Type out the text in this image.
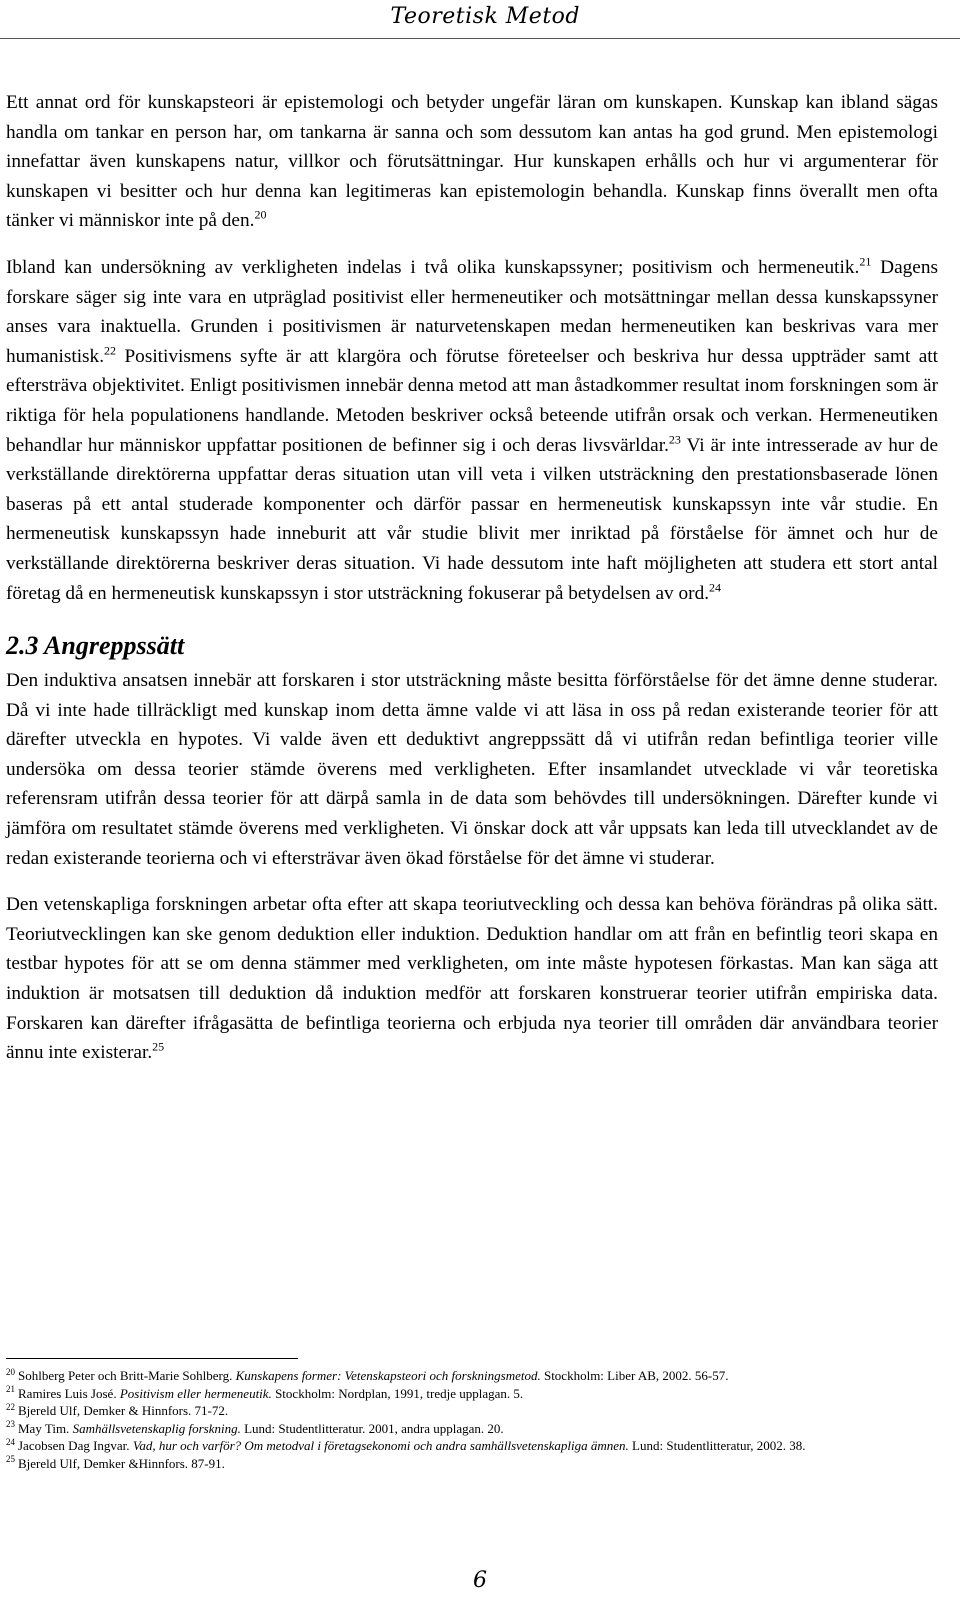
Teoretisk Metod

Ett annat ord för kunskapsteori är epistemologi och betyder ungefär läran om kunskapen. Kunskap kan ibland sägas handla om tankar en person har, om tankarna är sanna och som dessutom kan antas ha god grund. Men epistemologi innefattar även kunskapens natur, villkor och förutsättningar. Hur kunskapen erhålls och hur vi argumenterar för kunskapen vi besitter och hur denna kan legitimeras kan epistemologin behandla. Kunskap finns överallt men ofta tänker vi människor inte på den.$^{20}$

Ibland kan undersökning av verkligheten indelas i två olika kunskapssyner; positivism och hermeneutik.$^{21}$ Dagens forskare säger sig inte vara en utpräglad positivist eller hermeneutiker och motsättningar mellan dessa kunskapssyner anses vara inaktuella. Grunden i positivismen är naturvetenskapen medan hermeneutiken kan beskrivas vara mer humanistisk.$^{22}$ Positivismens syfte är att klargöra och förutse företeelser och beskriva hur dessa uppträder samt att eftersträva objektivitet. Enligt positivismen innebär denna metod att man åstadkommer resultat inom forskningen som är riktiga för hela populationens handlande. Metoden beskriver också beteende utifrån orsak och verkan. Hermeneutiken behandlar hur människor uppfattar positionen de befinner sig i och deras livsvärldar.$^{23}$ Vi är inte intresserade av hur de verkställande direktörerna uppfattar deras situation utan vill veta i vilken utsträckning den prestationsbaserade lönen baseras på ett antal studerade komponenter och därför passar en hermeneutisk kunskapssyn inte vår studie. En hermeneutisk kunskapssyn hade inneburit att vår studie blivit mer inriktad på förståelse för ämnet och hur de verkställande direktörerna beskriver deras situation. Vi hade dessutom inte haft möjligheten att studera ett stort antal företag då en hermeneutisk kunskapssyn i stor utsträckning fokuserar på betydelsen av ord.$^{24}$

2.3 Angreppssätt

Den induktiva ansatsen innebär att forskaren i stor utsträckning måste besitta förförståelse för det ämne denne studerar. Då vi inte hade tillräckligt med kunskap inom detta ämne valde vi att läsa in oss på redan existerande teorier för att därefter utveckla en hypotes. Vi valde även ett deduktivt angreppssätt då vi utifrån redan befintliga teorier ville undersöka om dessa teorier stämde överens med verkligheten. Efter insamlandet utvecklade vi vår teoretiska referensram utifrån dessa teorier för att därpå samla in de data som behövdes till undersökningen. Därefter kunde vi jämföra om resultatet stämde överens med verkligheten. Vi önskar dock att vår uppsats kan leda till utvecklandet av de redan existerande teorierna och vi eftersträvar även ökad förståelse för det ämne vi studerar.

Den vetenskapliga forskningen arbetar ofta efter att skapa teoriutveckling och dessa kan behöva förändras på olika sätt. Teoriutvecklingen kan ske genom deduktion eller induktion. Deduktion handlar om att från en befintlig teori skapa en testbar hypotes för att se om denna stämmer med verkligheten, om inte måste hypotesen förkastas. Man kan säga att induktion är motsatsen till deduktion då induktion medför att forskaren konstruerar teorier utifrån empiriska data. Forskaren kan därefter ifrågasätta de befintliga teorierna och erbjuda nya teorier till områden där användbara teorier ännu inte existerar.$^{25}$

$^{20}$ Sohlberg Peter och Britt-Marie Sohlberg. Kunskapens former: Vetenskapsteori och forskningsmetod. Stockholm: Liber AB, 2002. 56-57.
$^{21}$ Ramires Luis José. Positivism eller hermeneutik. Stockholm: Nordplan, 1991, tredje upplagan. 5.
$^{22}$ Bjereld Ulf, Demker & Hinnfors. 71-72.
$^{23}$ May Tim. Samhällsvetenskaplig forskning. Lund: Studentlitteratur. 2001, andra upplagan. 20.
$^{24}$ Jacobsen Dag Ingvar. Vad, hur och varför? Om metodval i företagsekonomi och andra samhällsvetenskapliga ämnen. Lund: Studentlitteratur, 2002. 38.
$^{25}$ Bjereld Ulf, Demker &Hinnfors. 87-91.
6
